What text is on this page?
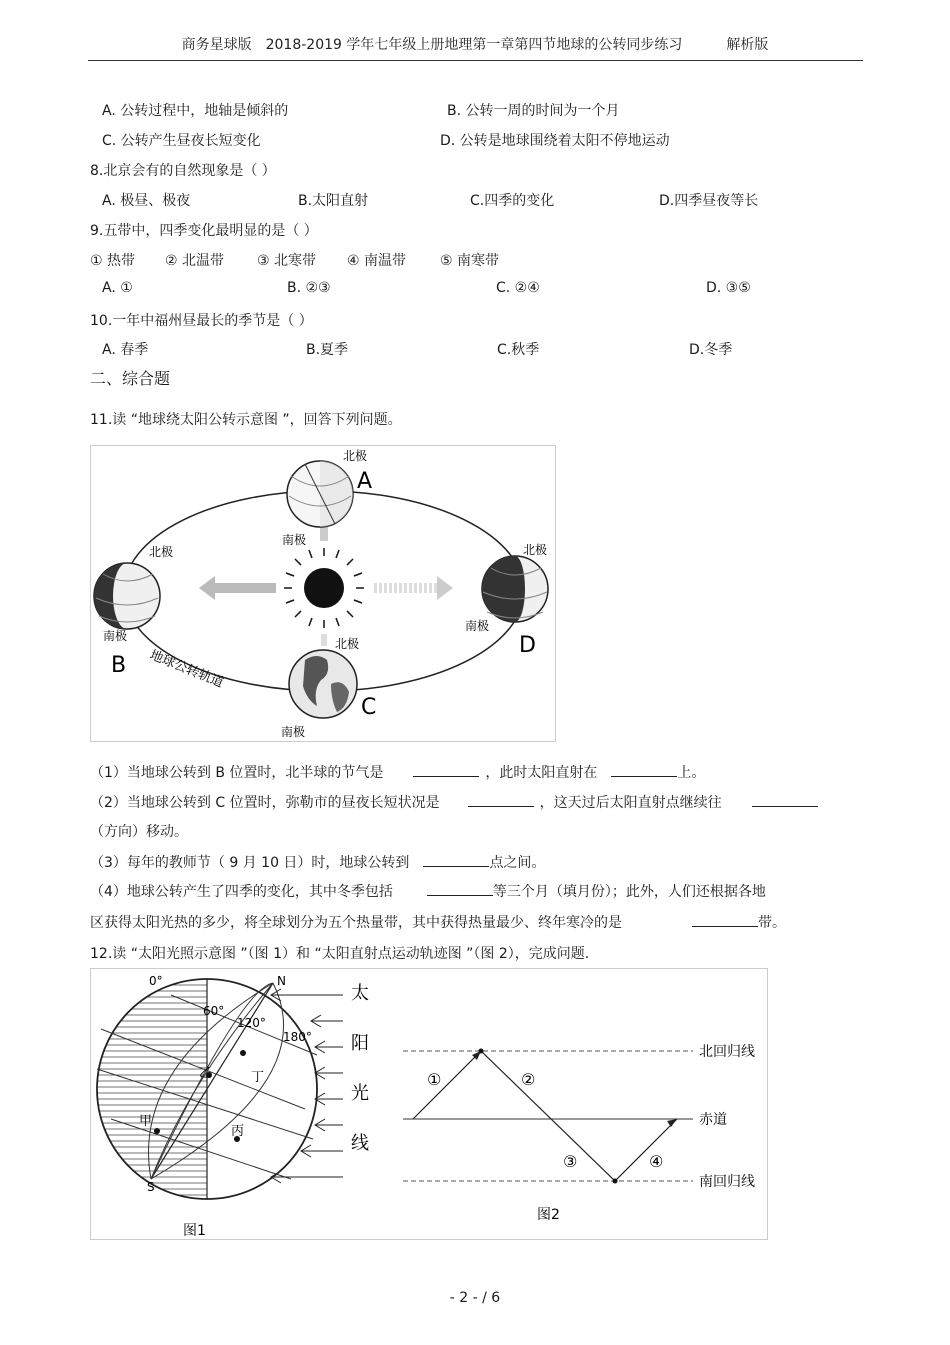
商务星球版 2018-2019 学年七年级上册地理第一章第四节地球的公转同步练习	解析版
A. 公转过程中，地轴是倾斜的	B. 公转一周的时间为一个月
C. 公转产生昼夜长短变化	D. 公转是地球围绕着太阳不停地运动
8.北京会有的自然现象是（ ）
A. 极昼、极夜	B.太阳直射	C.四季的变化	D.四季昼夜等长
9.五带中，四季变化最明显的是（ ）
① 热带 ② 北温带 ③ 北寒带 ④ 南温带 ⑤ 南寒带
A. ①	B. ②③	C. ②④	D. ③⑤
10.一年中福州昼最长的季节是（ ）
A. 春季	B.夏季	C.秋季	D.冬季
二、综合题
11.读 “地球绕太阳公转示意图 ”，回答下列问题。
北极
A
南极
北极
南极
B
北极
南极
D
北极
南极
C
地球公转轨道
（1）当地球公转到 B 位置时，北半球的节气是	，此时太阳直射在	上。
（2）当地球公转到 C 位置时，弥勒市的昼夜长短状况是	，这天过后太阳直射点继续往
（方向）移动。
（3）每年的教师节（ 9 月 10 日）时，地球公转到	点之间。
（4）地球公转产生了四季的变化，其中冬季包括	等三个月（填月份）；此外，人们还根据各地
区获得太阳光热的多少，将全球划分为五个热量带，其中获得热量最少、终年寒冷的是	带。
12.读 “太阳光照示意图 ”（图 1）和 “太阳直射点运动轨迹图 ”（图 2），完成问题.
0°
60°
120°
180°
N
S
丁
乙
甲
丙
太
阳
光
线
图1
①	②
③	④
北回归线
赤道
南回归线
图2
- 2 - / 6
